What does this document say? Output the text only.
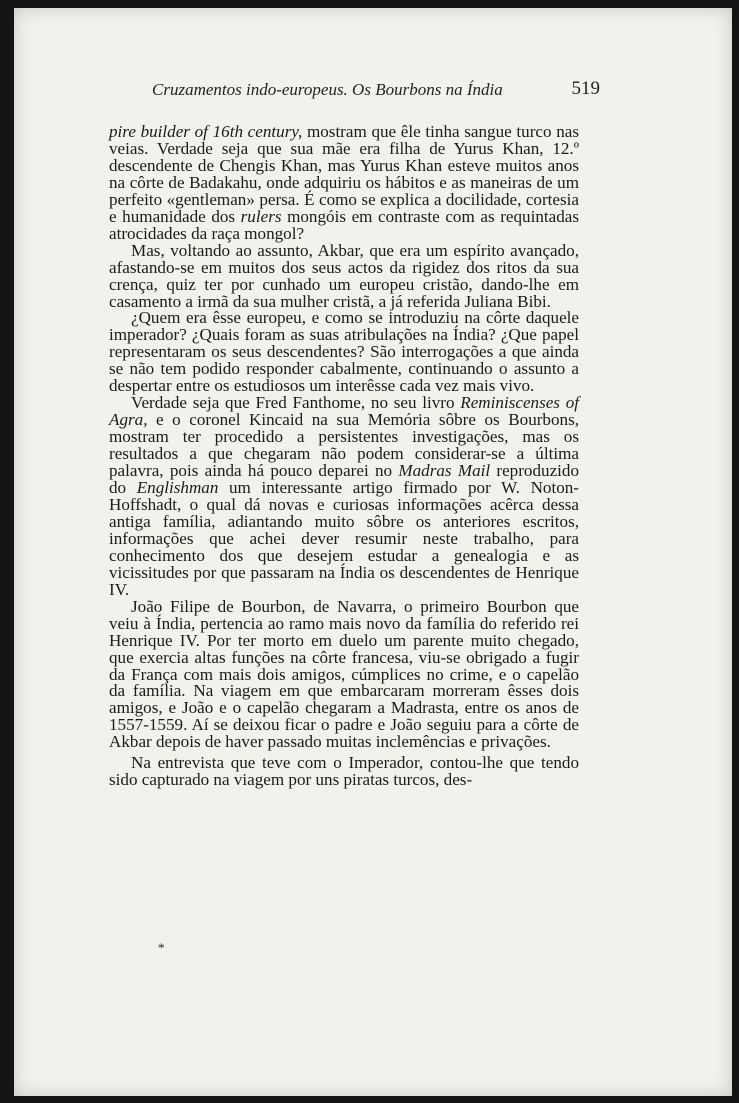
Cruzamentos indo-europeus. Os Bourbons na Índia	519

pire builder of 16th century, mostram que êle tinha sangue turco nas veias. Verdade seja que sua mãe era filha de Yurus Khan, 12.º descendente de Chengis Khan, mas Yurus Khan esteve muitos anos na côrte de Badakahu, onde adquiriu os hábitos e as maneiras de um perfeito «gentleman» persa. É como se explica a docilidade, cortesia e humanidade dos rulers mongóis em contraste com as requintadas atrocidades da raça mongol?

Mas, voltando ao assunto, Akbar, que era um espírito avançado, afastando-se em muitos dos seus actos da rigidez dos ritos da sua crença, quiz ter por cunhado um europeu cristão, dando-lhe em casamento a irmã da sua mulher cristã, a já referida Juliana Bibi.

¿Quem era êsse europeu, e como se introduziu na côrte daquele imperador? ¿Quais foram as suas atribulações na Índia? ¿Que papel representaram os seus descendentes? São interrogações a que ainda se não tem podido responder cabalmente, continuando o assunto a despertar entre os estudiosos um interêsse cada vez mais vivo.

Verdade seja que Fred Fanthome, no seu livro Reminiscenses of Agra, e o coronel Kincaid na sua Memória sôbre os Bourbons, mostram ter procedido a persistentes investigações, mas os resultados a que chegaram não podem considerar-se a última palavra, pois ainda há pouco deparei no Madras Mail reproduzido do Englishman um interessante artigo firmado por W. Noton-Hoffshadt, o qual dá novas e curiosas informações acêrca dessa antiga família, adiantando muito sôbre os anteriores escritos, informações que achei dever resumir neste trabalho, para conhecimento dos que desejem estudar a genealogia e as vicissitudes por que passaram na Índia os descendentes de Henrique IV.

João Filipe de Bourbon, de Navarra, o primeiro Bourbon que veiu à Índia, pertencia ao ramo mais novo da família do referido rei Henrique IV. Por ter morto em duelo um parente muito chegado, que exercia altas funções na côrte francesa, viu-se obrigado a fugir da França com mais dois amigos, cúmplices no crime, e o capelão da família. Na viagem em que embarcaram morreram êsses dois amigos, e João e o capelão chegaram a Madrasta, entre os anos de 1557-1559. Aí se deixou ficar o padre e João seguiu para a côrte de Akbar depois de haver passado muitas inclemências e privações.

Na entrevista que teve com o Imperador, contou-lhe que tendo sido capturado na viagem por uns piratas turcos, des-

*
